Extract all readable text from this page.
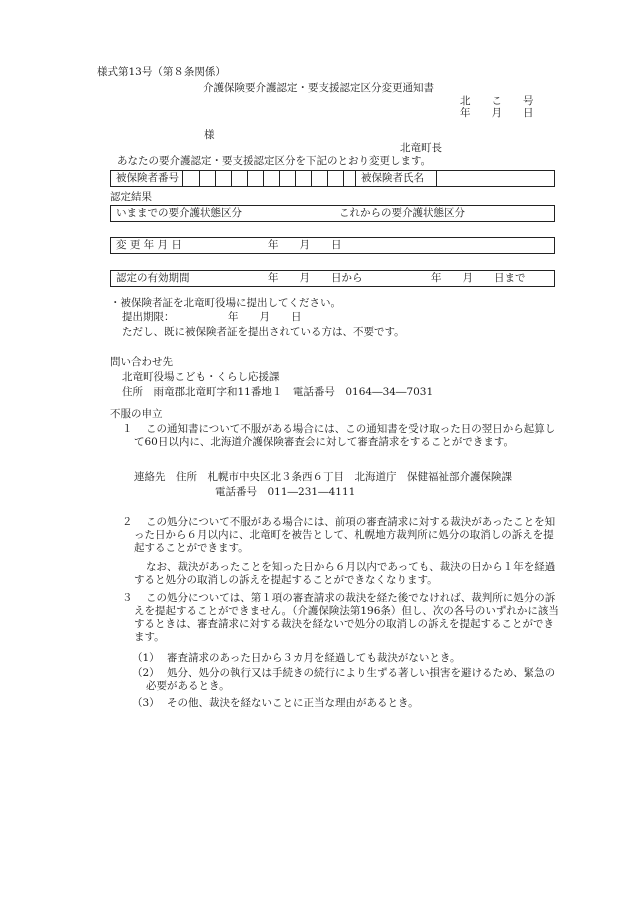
様式第13号（第８条関係）
介護保険要介護認定・要支援認定区分変更通知書
北　　こ　　号
年　　月　　日
様
北竜町長
あなたの要介護認定・要支援認定区分を下記のとおり変更します。
被保険者番号	被保険者氏名
認定結果
いままでの要介護状態区分	これからの要介護状態区分
変 更 年 月 日	年　　月　　日
認定の有効期間	年　　月　　日から	年　　月　　日まで
・被保険者証を北竜町役場に提出してください。
提出期限：	年　　月　　日
ただし、既に被保険者証を提出されている方は、不要です。
問い合わせ先
北竜町役場こども・くらし応援課
住所　雨竜郡北竜町字和11番地１　電話番号　0164―34―7031
不服の申立
１	この通知書について不服がある場合には、この通知書を受け取った日の翌日から起算して60日以内に、北海道介護保険審査会に対して審査請求をすることができます。
連絡先　住所　札幌市中央区北３条西６丁目　北海道庁　保健福祉部介護保険課
電話番号　011―231―4111
２	この処分について不服がある場合には、前項の審査請求に対する裁決があったことを知った日から６月以内に、北竜町を被告として、札幌地方裁判所に処分の取消しの訴えを提起することができます。
なお、裁決があったことを知った日から６月以内であっても、裁決の日から１年を経過すると処分の取消しの訴えを提起することができなくなります。
３	この処分については、第１項の審査請求の裁決を経た後でなければ、裁判所に処分の訴えを提起することができません。（介護保険法第196条）但し、次の各号のいずれかに該当するときは、審査請求に対する裁決を経ないで処分の取消しの訴えを提起することができます。
（1） 審査請求のあった日から３カ月を経過しても裁決がないとき。
（2） 処分、処分の執行又は手続きの続行により生ずる著しい損害を避けるため、緊急の必要があるとき。
（3） その他、裁決を経ないことに正当な理由があるとき。
